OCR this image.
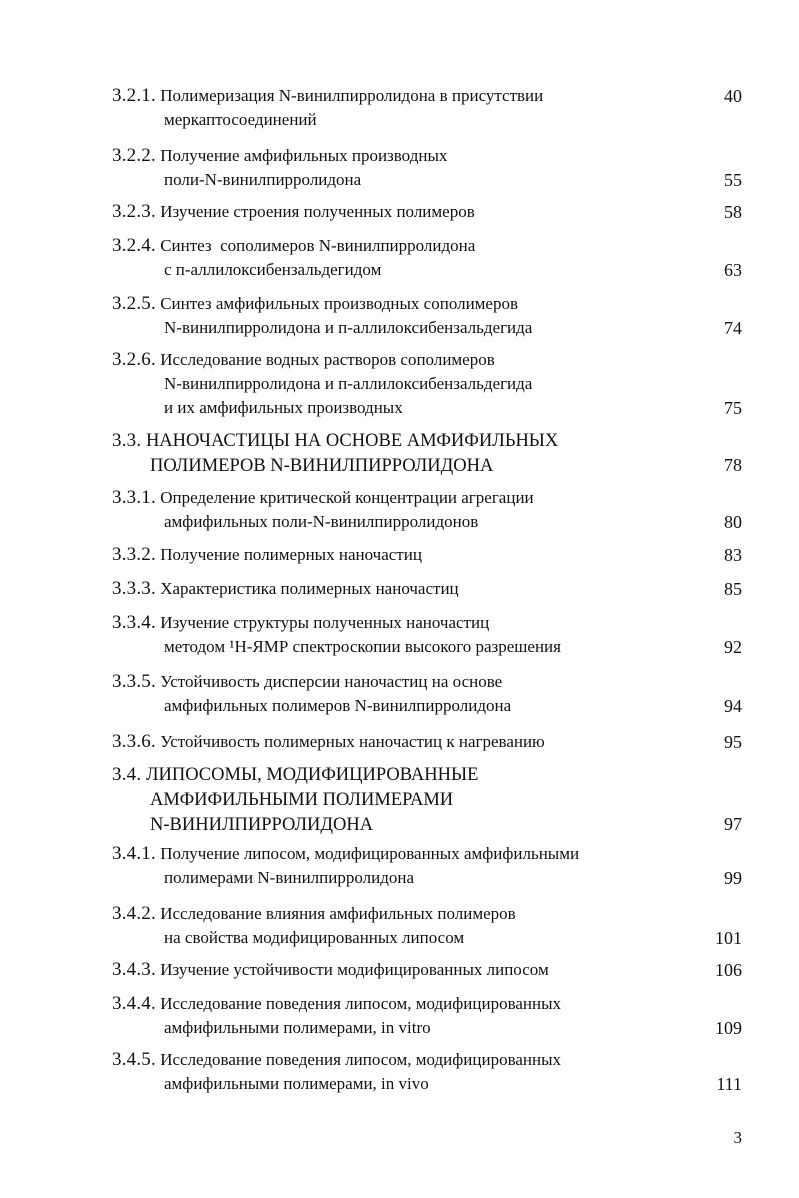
3.2.1. Полимеризация N-винилпирролидона в присутствии
меркаптосоединений
40
3.2.2. Получение амфифильных производных
поли-N-винилпирролидона	55
3.2.3. Изучение строения полученных полимеров	58
3.2.4. Синтез  сополимеров N-винилпирролидона
с п-аллилоксибензальдегидом	63
3.2.5. Синтез амфифильных производных сополимеров
N-винилпирролидона и п-аллилоксибензальдегида	74
3.2.6. Исследование водных растворов сополимеров
N-винилпирролидона и п-аллилоксибензальдегида
и их амфифильных производных	75
3.3. НАНОЧАСТИЦЫ НА ОСНОВЕ АМФИФИЛЬНЫХ
ПОЛИМЕРОВ N-ВИНИЛПИРРОЛИДОНА	78
3.3.1. Определение критической концентрации агрегации
амфифильных поли-N-винилпирролидонов	80
3.3.2. Получение полимерных наночастиц	83
3.3.3. Характеристика полимерных наночастиц	85
3.3.4. Изучение структуры полученных наночастиц
методом ¹H-ЯМР спектроскопии высокого разрешения	92
3.3.5. Устойчивость дисперсии наночастиц на основе
амфифильных полимеров N-винилпирролидона	94
3.3.6. Устойчивость полимерных наночастиц к нагреванию	95
3.4. ЛИПОСОМЫ, МОДИФИЦИРОВАННЫЕ
АМФИФИЛЬНЫМИ ПОЛИМЕРАМИ
N-ВИНИЛПИРРОЛИДОНА	97
3.4.1. Получение липосом, модифицированных амфифильными
полимерами N-винилпирролидона	99
3.4.2. Исследование влияния амфифильных полимеров
на свойства модифицированных липосом	101
3.4.3. Изучение устойчивости модифицированных липосом	106
3.4.4. Исследование поведения липосом, модифицированных
амфифильными полимерами, in vitro	109
3.4.5. Исследование поведения липосом, модифицированных
амфифильными полимерами, in vivo	111
3
